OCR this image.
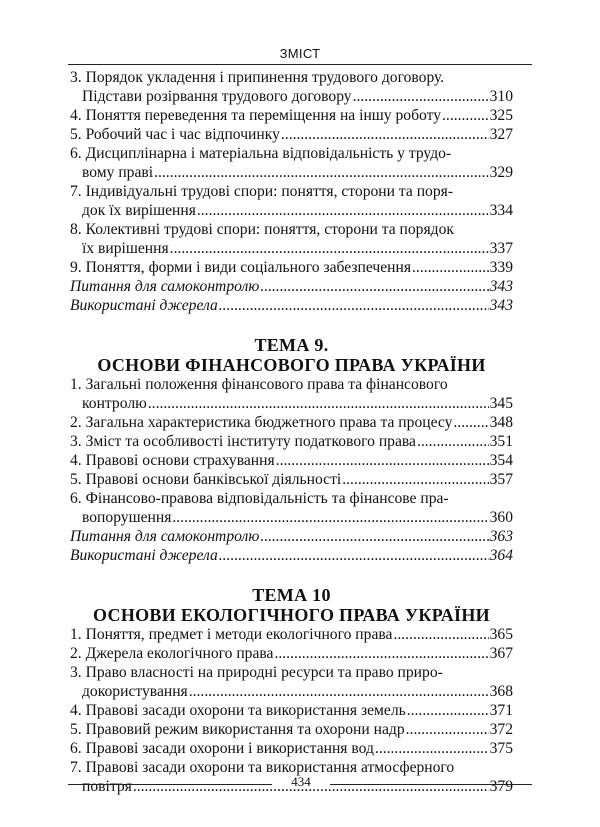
ЗМІСТ
3. Порядок укладення і припинення трудового договору.
Підстави розірвання трудового договору .....	310
4. Поняття переведення та переміщення на іншу роботу .....	325
5. Робочий час і час відпочинку .....	327
6. Дисциплінарна і матеріальна відповідальність у трудо-
вому праві .....	329
7. Індивідуальні трудові спори: поняття, сторони та поря-
док їх вирішення .....	334
8. Колективні трудові спори: поняття, сторони та порядок
їх вирішення .....	337
9. Поняття, форми і види соціального забезпечення .....	339
Питання для самоконтролю .....	343
Використані джерела .....	343
ТЕМА 9.
ОСНОВИ ФІНАНСОВОГО ПРАВА УКРАЇНИ
1. Загальні положення фінансового права та фінансового
контролю .....	345
2. Загальна характеристика бюджетного права та процесу ..... 348
3. Зміст та особливості інституту податкового права .....	351
4. Правові основи страхування .....	354
5. Правові основи банківської діяльності .....	357
6. Фінансово-правова відповідальність та фінансове пра-
вопорушення .....	360
Питання для самоконтролю .....	363
Використані джерела .....	364
ТЕМА 10
ОСНОВИ ЕКОЛОГІЧНОГО ПРАВА УКРАЇНИ
1. Поняття, предмет і методи екологічного права .....	365
2. Джерела екологічного права .....	367
3. Право власності на природні ресурси та право приро-
докористування .....	368
4. Правові засади охорони та використання земель .....	371
5. Правовий режим використання та охорони надр .....	372
6. Правові засади охорони і використання вод .....	375
7. Правові засади охорони та використання атмосферного
повітря .....	379
434
